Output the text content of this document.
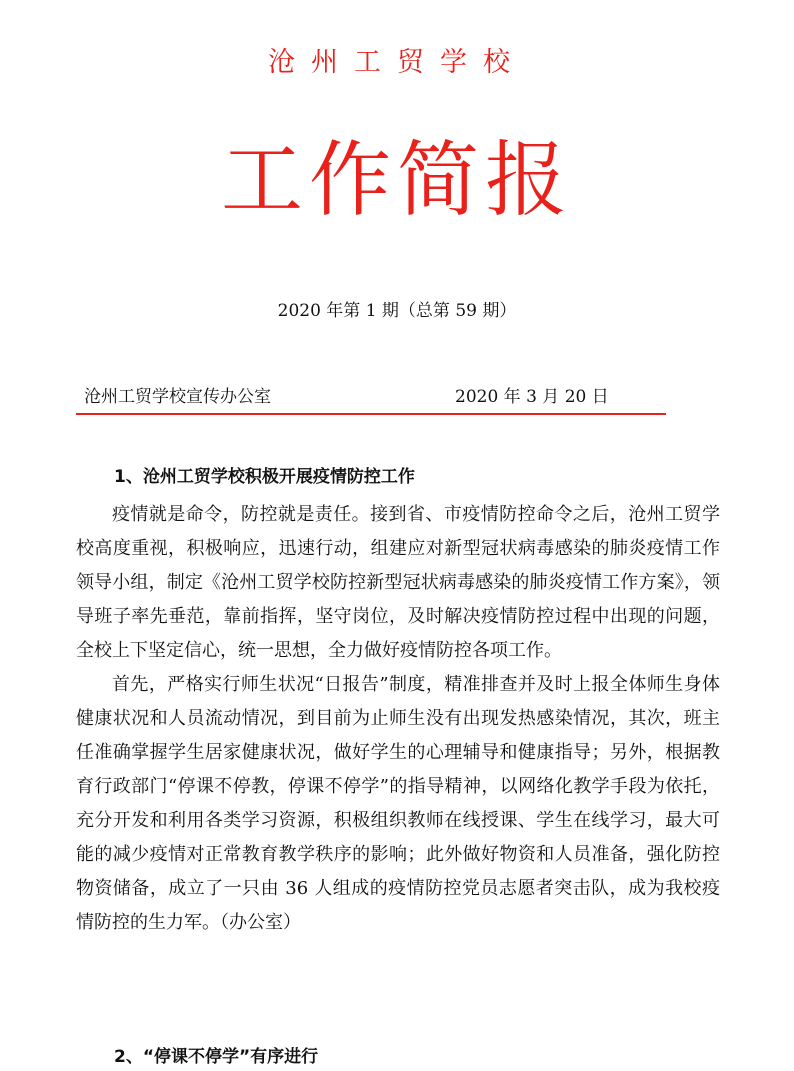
沧州工贸学校
工作简报
2020 年第 1 期（总第 59 期）
沧州工贸学校宣传办公室	2020 年 3 月 20 日
1、沧州工贸学校积极开展疫情防控工作

疫情就是命令，防控就是责任。接到省、市疫情防控命令之后，沧州工贸学校高度重视，积极响应，迅速行动，组建应对新型冠状病毒感染的肺炎疫情工作领导小组，制定《沧州工贸学校防控新型冠状病毒感染的肺炎疫情工作方案》，领导班子率先垂范，靠前指挥，坚守岗位，及时解决疫情防控过程中出现的问题，全校上下坚定信心，统一思想，全力做好疫情防控各项工作。

首先，严格实行师生状况“日报告”制度，精准排查并及时上报全体师生身体健康状况和人员流动情况，到目前为止师生没有出现发热感染情况，其次，班主任准确掌握学生居家健康状况，做好学生的心理辅导和健康指导；另外，根据教育行政部门“停课不停教，停课不停学”的指导精神，以网络化教学手段为依托，充分开发和利用各类学习资源，积极组织教师在线授课、学生在线学习，最大可能的减少疫情对正常教育教学秩序的影响；此外做好物资和人员准备，强化防控物资储备，成立了一只由 36 人组成的疫情防控党员志愿者突击队，成为我校疫情防控的生力军。（办公室）

2、“停课不停学”有序进行
